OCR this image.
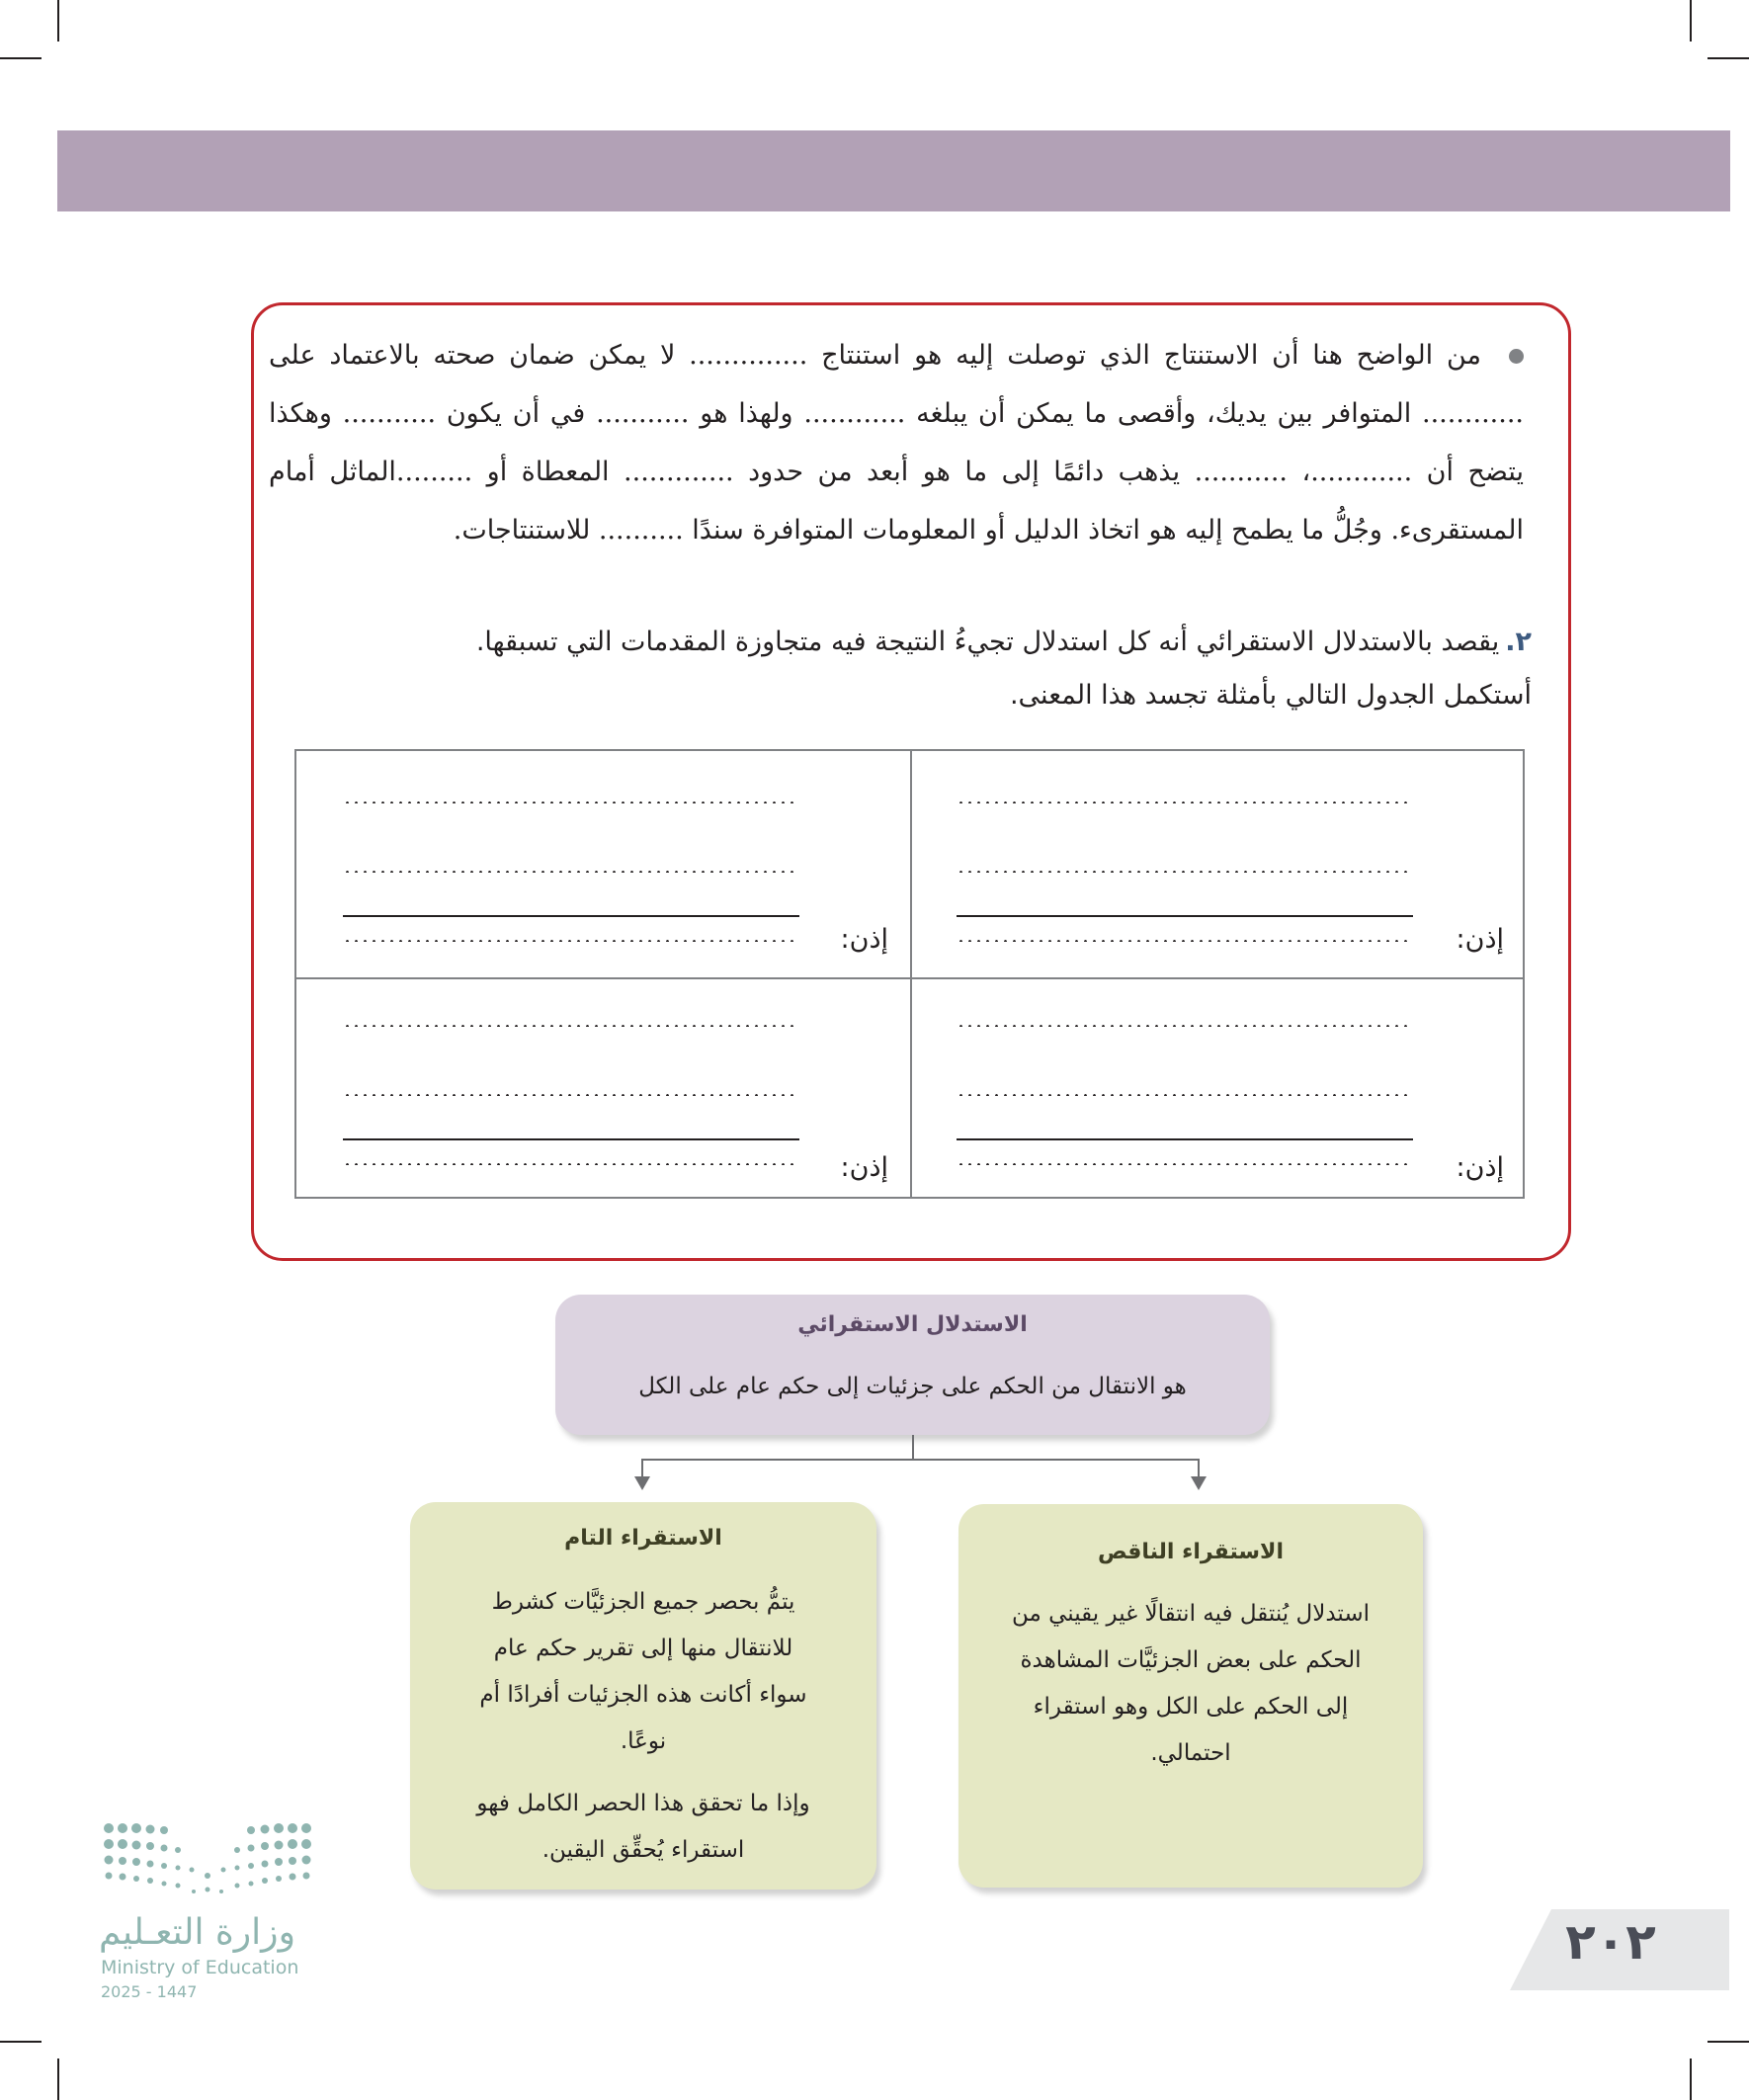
من الواضح هنا أن الاستنتاج الذي توصلت إليه هو استنتاج .............. لا يمكن ضمان صحته بالاعتماد على ............ المتوافر بين يديك، وأقصى ما يمكن أن يبلغه ............ ولهذا هو ........... في أن يكون ........... وهكذا يتضح أن ............، ........... يذهب دائمًا إلى ما هو أبعد من حدود ............. المعطاة أو .........الماثل أمام المستقرىء. وجُلُّ ما يطمح إليه هو اتخاذ الدليل أو المعلومات المتوافرة سندًا .......... للاستنتاجات.

٢.يقصد بالاستدلال الاستقرائي أنه كل استدلال تجيءُ النتيجة فيه متجاوزة المقدمات التي تسبقها.
أستكمل الجدول التالي بأمثلة تجسد هذا المعنى.
إذن:
إذن:
إذن:
إذن:
الاستدلال الاستقرائي
هو الانتقال من الحكم على جزئيات إلى حكم عام على الكل
الاستقراء الناقص
استدلال يُنتقل فيه انتقالًا غير يقيني من
الحكم على بعض الجزئيَّات المشاهدة
إلى الحكم على الكل وهو استقراء
احتمالي.
الاستقراء التام
يتمُّ بحصر جميع الجزئيَّات كشرط
للانتقال منها إلى تقرير حكم عام
سواء أكانت هذه الجزئيات أفرادًا أم
نوعًا.
وإذا ما تحقق هذا الحصر الكامل فهو
استقراء يُحقِّق اليقين.
وزارة التعـليم
Ministry of Education
2025 - 1447
٢٠٢
